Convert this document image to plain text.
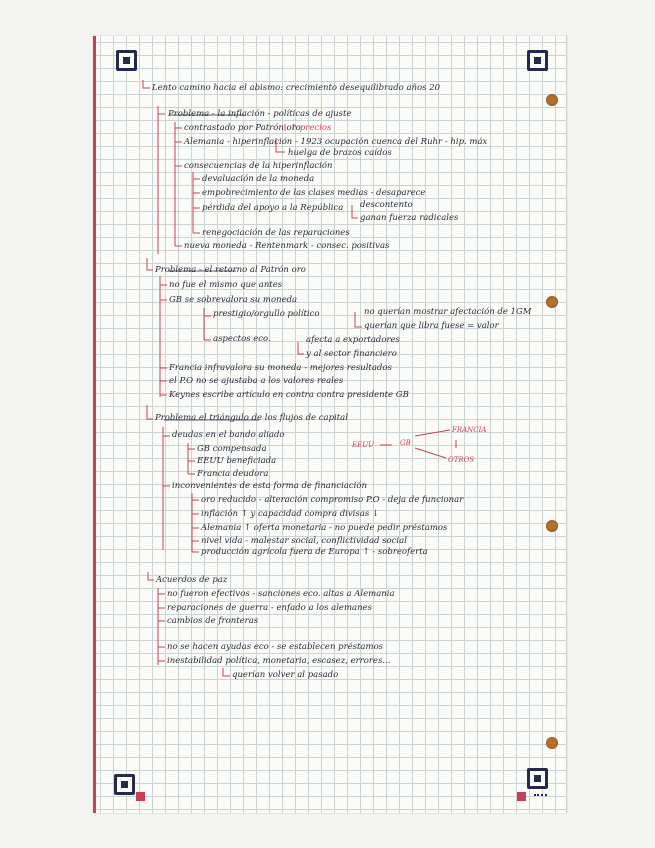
Lento camino hacia el abismo: crecimiento desequilibrado años 20
Problema - la inflación - políticas de ajuste
contrastado por Patrón oro
↑ precios
Alemania - hiperinflación - 1923 ocupación cuenca del Ruhr - hip. máx
huelga de brazos caídos
consecuencias de la hiperinflación
devaluación de la moneda
empobrecimiento de las clases medias - desaparece
pérdida del apoyo a la República descontento
ganan fuerza radicales
renegociación de las reparaciones
nueva moneda - Rentenmark - consec. positivas
Problema - el retorno al Patrón oro
no fue el mismo que antes
GB se sobrevalora su moneda
prestigio/orgullo político	no querían mostrar afectación de 1GM
querían que libra fuese = valor
aspectos eco.	afecta a exportadores
y al sector financiero
Francia infravalora su moneda - mejores resultados
el P.O no se ajustaba a los valores reales
Keynes escribe artículo en contra contra presidente GB
Problema el triángulo de los flujos de capital
deudas en el bando aliado
GB compensada
EEUU beneficiada
Francia deudora
FRANCIA
EEUU	GB
OTROS
inconvenientes de esta forma de financiación
oro reducido - alteración compromiso P.O - deja de funcionar
inflación ↑ y capacidad compra divisas ↓
Alemania ↑ oferta monetaria - no puede pedir préstamos
nivel vida - malestar social, conflictividad social
producción agrícola fuera de Europa ↑ - sobreoferta
Acuerdos de paz
no fueron efectivos - sanciones eco. altas a Alemania
reparaciones de guerra - enfado a los alemanes
cambios de fronteras
no se hacen ayudas eco - se establecen préstamos
inestabilidad política, monetaria, escasez, errores...
querían volver al pasado
